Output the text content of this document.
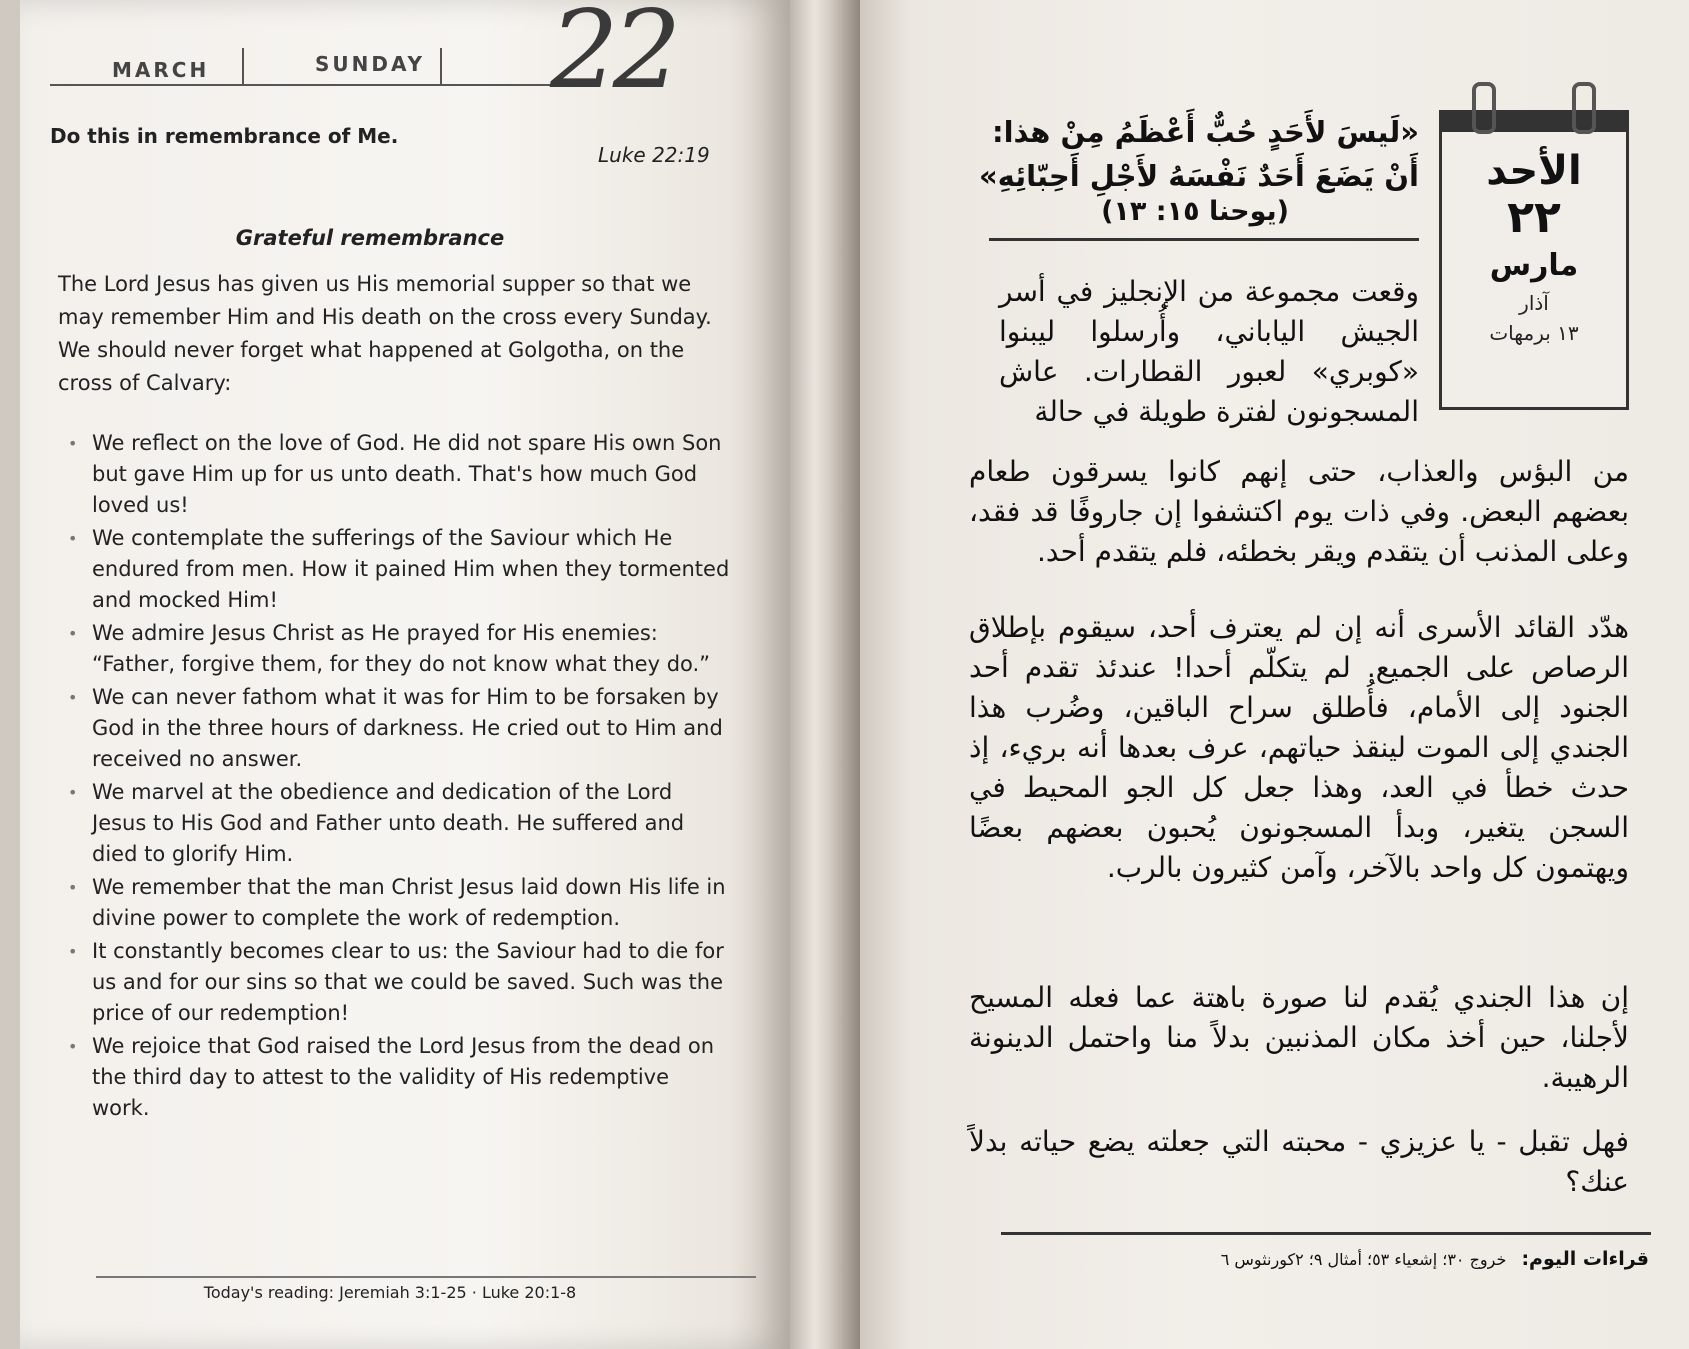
MARCH	SUNDAY 22
Do this in remembrance of Me.
Luke 22:19
Grateful remembrance

The Lord Jesus has given us His memorial supper so that we may remember Him and His death on the cross every Sunday. We should never forget what happened at Golgotha, on the cross of Calvary:

• We reflect on the love of God. He did not spare His own Son but gave Him up for us unto death. That's how much God loved us!
• We contemplate the sufferings of the Saviour which He endured from men. How it pained Him when they tormented and mocked Him!
• We admire Jesus Christ as He prayed for His enemies: “Father, forgive them, for they do not know what they do.”
• We can never fathom what it was for Him to be forsaken by God in the three hours of darkness. He cried out to Him and received no answer.
• We marvel at the obedience and dedication of the Lord Jesus to His God and Father unto death. He suffered and died to glorify Him.
• We remember that the man Christ Jesus laid down His life in divine power to complete the work of redemption.
• It constantly becomes clear to us: the Saviour had to die for us and for our sins so that we could be saved. Such was the price of our redemption!
• We rejoice that God raised the Lord Jesus from the dead on the third day to attest to the validity of His redemptive work.
Today's reading: Jeremiah 3:1-25 · Luke 20:1-8
الأحد
٢٢
مارس
آذار
١٣ برمهات
«لَيسَ لأَحَدٍ حُبٌّ أَعْظَمُ مِنْ هذا:
أَنْ يَضَعَ أَحَدٌ نَفْسَهُ لأَجْلِ أَحِبّائِهِ»
(يوحنا ١٥: ١٣)

وقعت مجموعة من الإنجليز في أسر الجيش الياباني، وأُرسلوا ليبنوا «كوبري» لعبور القطارات. عاش المسجونون لفترة طويلة في حالة

من البؤس والعذاب، حتى إنهم كانوا يسرقون طعام بعضهم البعض. وفي ذات يوم اكتشفوا إن جاروفًا قد فقد، وعلى المذنب أن يتقدم ويقر بخطئه، فلم يتقدم أحد.

هدّد القائد الأسرى أنه إن لم يعترف أحد، سيقوم بإطلاق الرصاص على الجميع. لم يتكلّم أحدا! عندئذ تقدم أحد الجنود إلى الأمام، فأُطلق سراح الباقين، وضُرب هذا الجندي إلى الموت لينقذ حياتهم، عرف بعدها أنه بريء، إذ حدث خطأ في العد، وهذا جعل كل الجو المحيط في السجن يتغير، وبدأ المسجونون يُحبون بعضهم بعضًا ويهتمون كل واحد بالآخر، وآمن كثيرون بالرب.

إن هذا الجندي يُقدم لنا صورة باهتة عما فعله المسيح لأجلنا، حين أخذ مكان المذنبين بدلاً منا واحتمل الدينونة الرهيبة.

فهل تقبل - يا عزيزي - محبته التي جعلته يضع حياته بدلاً عنك؟

قراءات اليوم: خروج ٣٠؛ إشعياء ٥٣؛ أمثال ٩؛ ٢كورنثوس ٦
